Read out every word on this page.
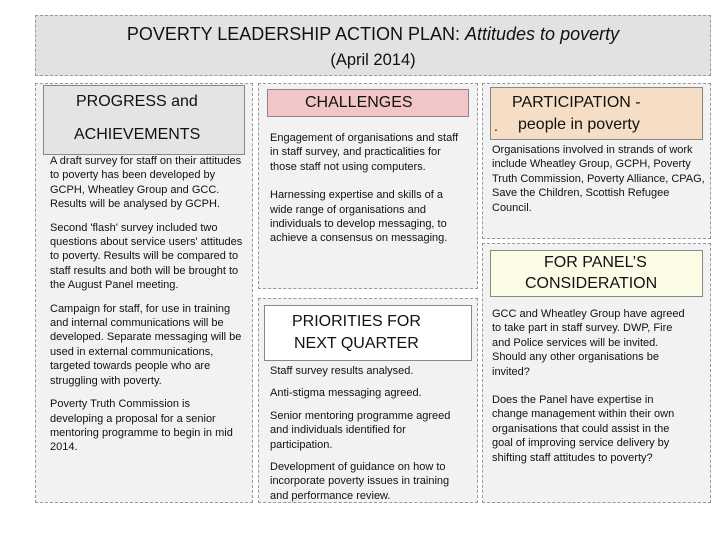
POVERTY LEADERSHIP ACTION PLAN: Attitudes to poverty
(April 2014)
PROGRESS and
ACHIEVEMENTS

A draft survey for staff on their attitudes to poverty has been developed by GCPH, Wheatley Group and GCC. Results will be analysed by GCPH.

Second 'flash' survey included two questions about service users' attitudes to poverty. Results will be compared to staff results and both will be brought to the August Panel meeting.

Campaign for staff, for use in training and internal communications will be developed. Separate messaging will be used in external communications, targeted towards people who are struggling with poverty.

Poverty Truth Commission is developing a proposal for a senior mentoring programme to begin in mid 2014.

CHALLENGES

Engagement of organisations and staff in staff survey, and practicalities for those staff not using computers.

Harnessing expertise and skills of a wide range of organisations and individuals to develop messaging, to achieve a consensus on messaging.

PRIORITIES FOR
NEXT QUARTER

Staff survey results analysed.

Anti-stigma messaging agreed.

Senior mentoring programme agreed and individuals identified for participation.

Development of guidance on how to incorporate poverty issues in training and performance review.

PARTICIPATION -
people in poverty
.
Organisations involved in strands of work include Wheatley Group, GCPH, Poverty Truth Commission, Poverty Alliance, CPAG, Save the Children, Scottish Refugee Council.
FOR PANEL’S
CONSIDERATION

GCC and Wheatley Group have agreed to take part in staff survey. DWP, Fire and Police services will be invited. Should any other organisations be invited?

Does the Panel have expertise in change management within their own organisations that could assist in the goal of improving service delivery by shifting staff attitudes to poverty?
